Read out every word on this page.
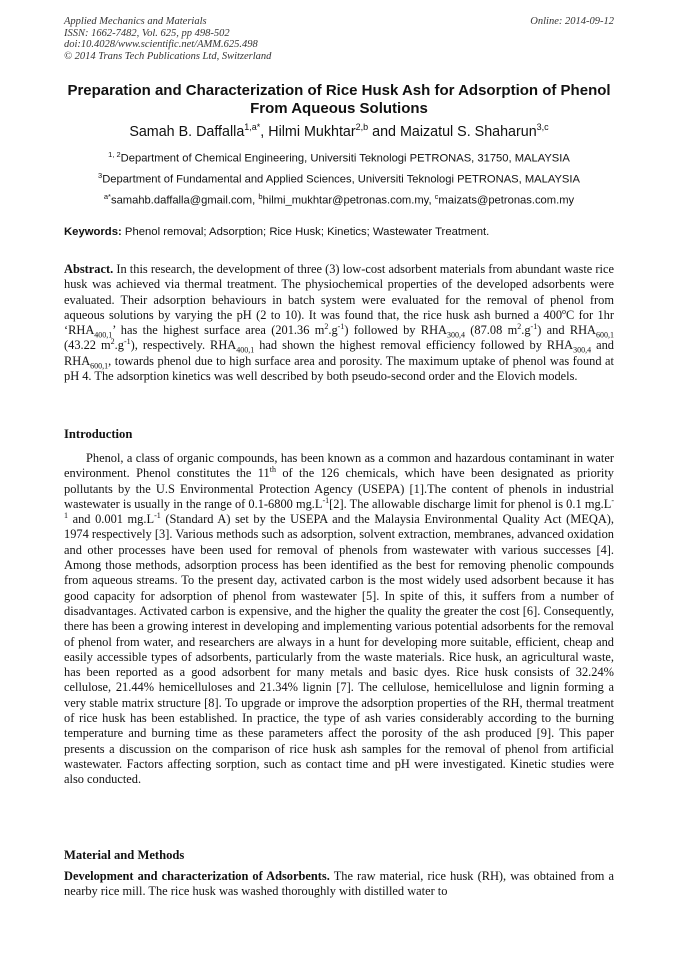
Applied Mechanics and Materials
ISSN: 1662-7482, Vol. 625, pp 498-502
doi:10.4028/www.scientific.net/AMM.625.498
© 2014 Trans Tech Publications Ltd, Switzerland
Online: 2014-09-12
Preparation and Characterization of Rice Husk Ash for Adsorption of Phenol From Aqueous Solutions
Samah B. Daffalla$^{1,a*}$, Hilmi Mukhtar$^{2,b}$ and Maizatul S. Shaharun$^{3,c}$
$^{1, 2}$Department of Chemical Engineering, Universiti Teknologi PETRONAS, 31750, MALAYSIA
$^3$Department of Fundamental and Applied Sciences, Universiti Teknologi PETRONAS, MALAYSIA
$^{a*}$samahb.daffalla@gmail.com, $^b$hilmi_mukhtar@petronas.com.my, $^c$maizats@petronas.com.my
Keywords: Phenol removal; Adsorption; Rice Husk; Kinetics; Wastewater Treatment.

Abstract. In this research, the development of three (3) low-cost adsorbent materials from abundant waste rice husk was achieved via thermal treatment. The physiochemical properties of the developed adsorbents were evaluated. Their adsorption behaviours in batch system were evaluated for the removal of phenol from aqueous solutions by varying the pH (2 to 10). It was found that, the rice husk ash burned a 400$^o$C for 1hr ‘$RHA_{400,1}$’ has the highest surface area (201.36 $m^2.g^{-1}$) followed by $RHA_{300,4}$ (87.08 $m^2.g^{-1}$) and $RHA_{600,1}$ (43.22 $m^2.g^{-1}$), respectively. $RHA_{400,1}$ had shown the highest removal efficiency followed by $RHA_{300,4}$ and $RHA_{600,1}$, towards phenol due to high surface area and porosity. The maximum uptake of phenol was found at pH 4. The adsorption kinetics was well described by both pseudo-second order and the Elovich models.

Introduction

Phenol, a class of organic compounds, has been known as a common and hazardous contaminant in water environment. Phenol constitutes the 11th of the 126 chemicals, which have been designated as priority pollutants by the U.S Environmental Protection Agency (USEPA) [1].The content of phenols in industrial wastewater is usually in the range of 0.1-6800 $mg.L^{-1}[2]$. The allowable discharge limit for phenol is 0.1 $mg.L^{-1}$ and 0.001 $mg.L^{-1}$ (Standard A) set by the USEPA and the Malaysia Environmental Quality Act (MEQA), 1974 respectively [3]. Various methods such as adsorption, solvent extraction, membranes, advanced oxidation and other processes have been used for removal of phenols from wastewater with various successes [4]. Among those methods, adsorption process has been identified as the best for removing phenolic compounds from aqueous streams. To the present day, activated carbon is the most widely used adsorbent because it has good capacity for adsorption of phenol from wastewater [5]. In spite of this, it suffers from a number of disadvantages. Activated carbon is expensive, and the higher the quality the greater the cost [6]. Consequently, there has been a growing interest in developing and implementing various potential adsorbents for the removal of phenol from water, and researchers are always in a hunt for developing more suitable, efficient, cheap and easily accessible types of adsorbents, particularly from the waste materials. Rice husk, an agricultural waste, has been reported as a good adsorbent for many metals and basic dyes. Rice husk consists of 32.24% cellulose, 21.44% hemicelluloses and 21.34% lignin [7]. The cellulose, hemicellulose and lignin forming a very stable matrix structure [8]. To upgrade or improve the adsorption properties of the RH, thermal treatment of rice husk has been established. In practice, the type of ash varies considerably according to the burning temperature and burning time as these parameters affect the porosity of the ash produced [9]. This paper presents a discussion on the comparison of rice husk ash samples for the removal of phenol from artificial wastewater. Factors affecting sorption, such as contact time and pH were investigated. Kinetic studies were also conducted.

Material and Methods

Development and characterization of Adsorbents. The raw material, rice husk (RH), was obtained from a nearby rice mill. The rice husk was washed thoroughly with distilled water to
